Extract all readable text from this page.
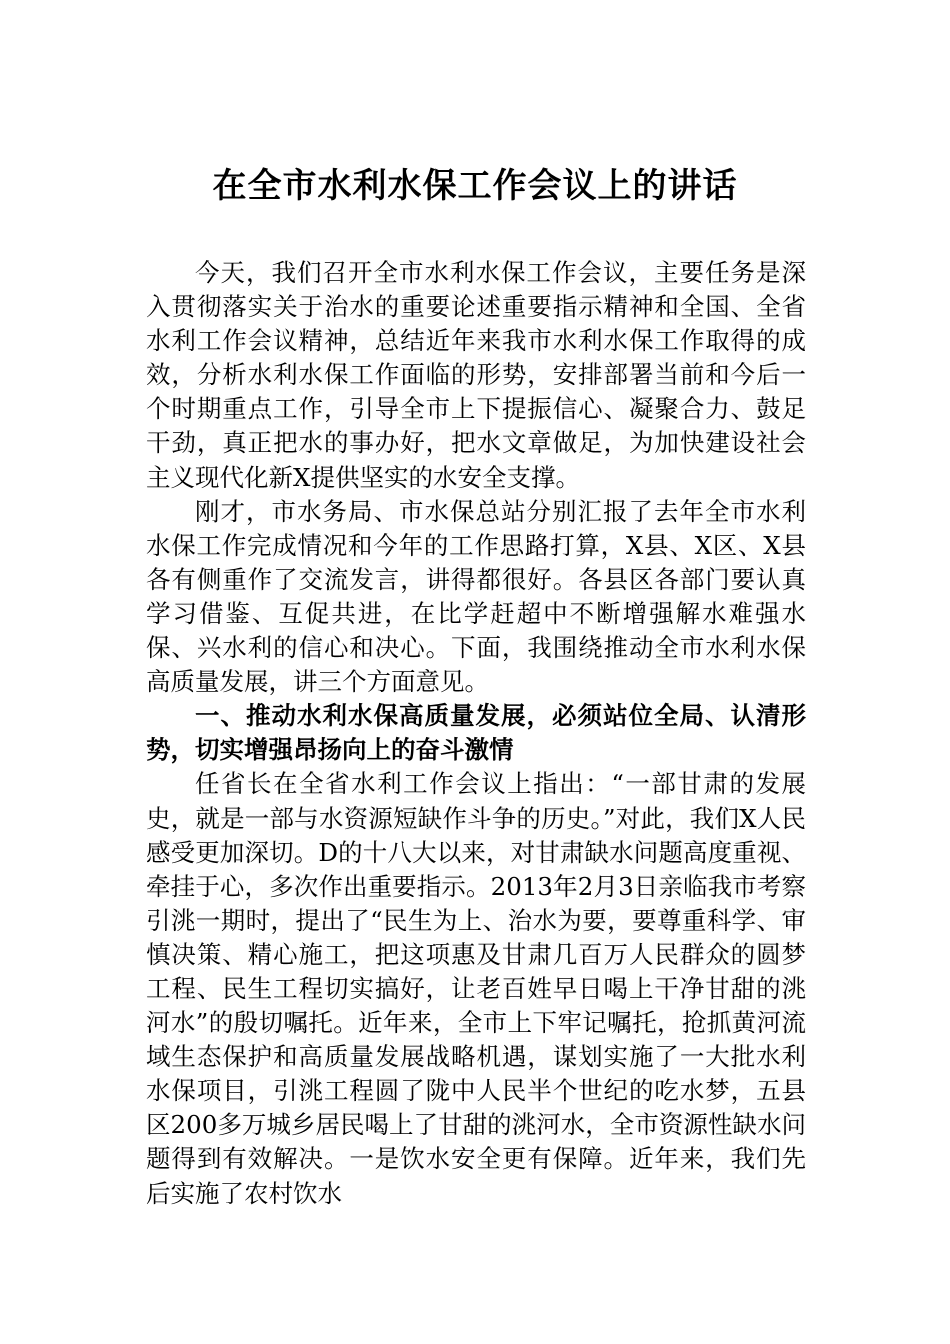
在全市水利水保工作会议上的讲话

今天，我们召开全市水利水保工作会议，主要任务是深入贯彻落实关于治水的重要论述重要指示精神和全国、全省水利工作会议精神，总结近年来我市水利水保工作取得的成效，分析水利水保工作面临的形势，安排部署当前和今后一个时期重点工作，引导全市上下提振信心、凝聚合力、鼓足干劲，真正把水的事办好，把水文章做足，为加快建设社会主义现代化新X提供坚实的水安全支撑。

刚才，市水务局、市水保总站分别汇报了去年全市水利水保工作完成情况和今年的工作思路打算，X县、X区、X县各有侧重作了交流发言，讲得都很好。各县区各部门要认真学习借鉴、互促共进，在比学赶超中不断增强解水难强水保、兴水利的信心和决心。下面，我围绕推动全市水利水保高质量发展，讲三个方面意见。

一、推动水利水保高质量发展，必须站位全局、认清形势，切实增强昂扬向上的奋斗激情

任省长在全省水利工作会议上指出：“一部甘肃的发展史，就是一部与水资源短缺作斗争的历史。”对此，我们X人民感受更加深切。D的十八大以来，对甘肃缺水问题高度重视、牵挂于心，多次作出重要指示。2013年2月3日亲临我市考察引洮一期时，提出了“民生为上、治水为要，要尊重科学、审慎决策、精心施工，把这项惠及甘肃几百万人民群众的圆梦工程、民生工程切实搞好，让老百姓早日喝上干净甘甜的洮河水”的殷切嘱托。近年来，全市上下牢记嘱托，抢抓黄河流域生态保护和高质量发展战略机遇，谋划实施了一大批水利水保项目，引洮工程圆了陇中人民半个世纪的吃水梦，五县区200多万城乡居民喝上了甘甜的洮河水，全市资源性缺水问题得到有效解决。一是饮水安全更有保障。近年来，我们先后实施了农村饮水
